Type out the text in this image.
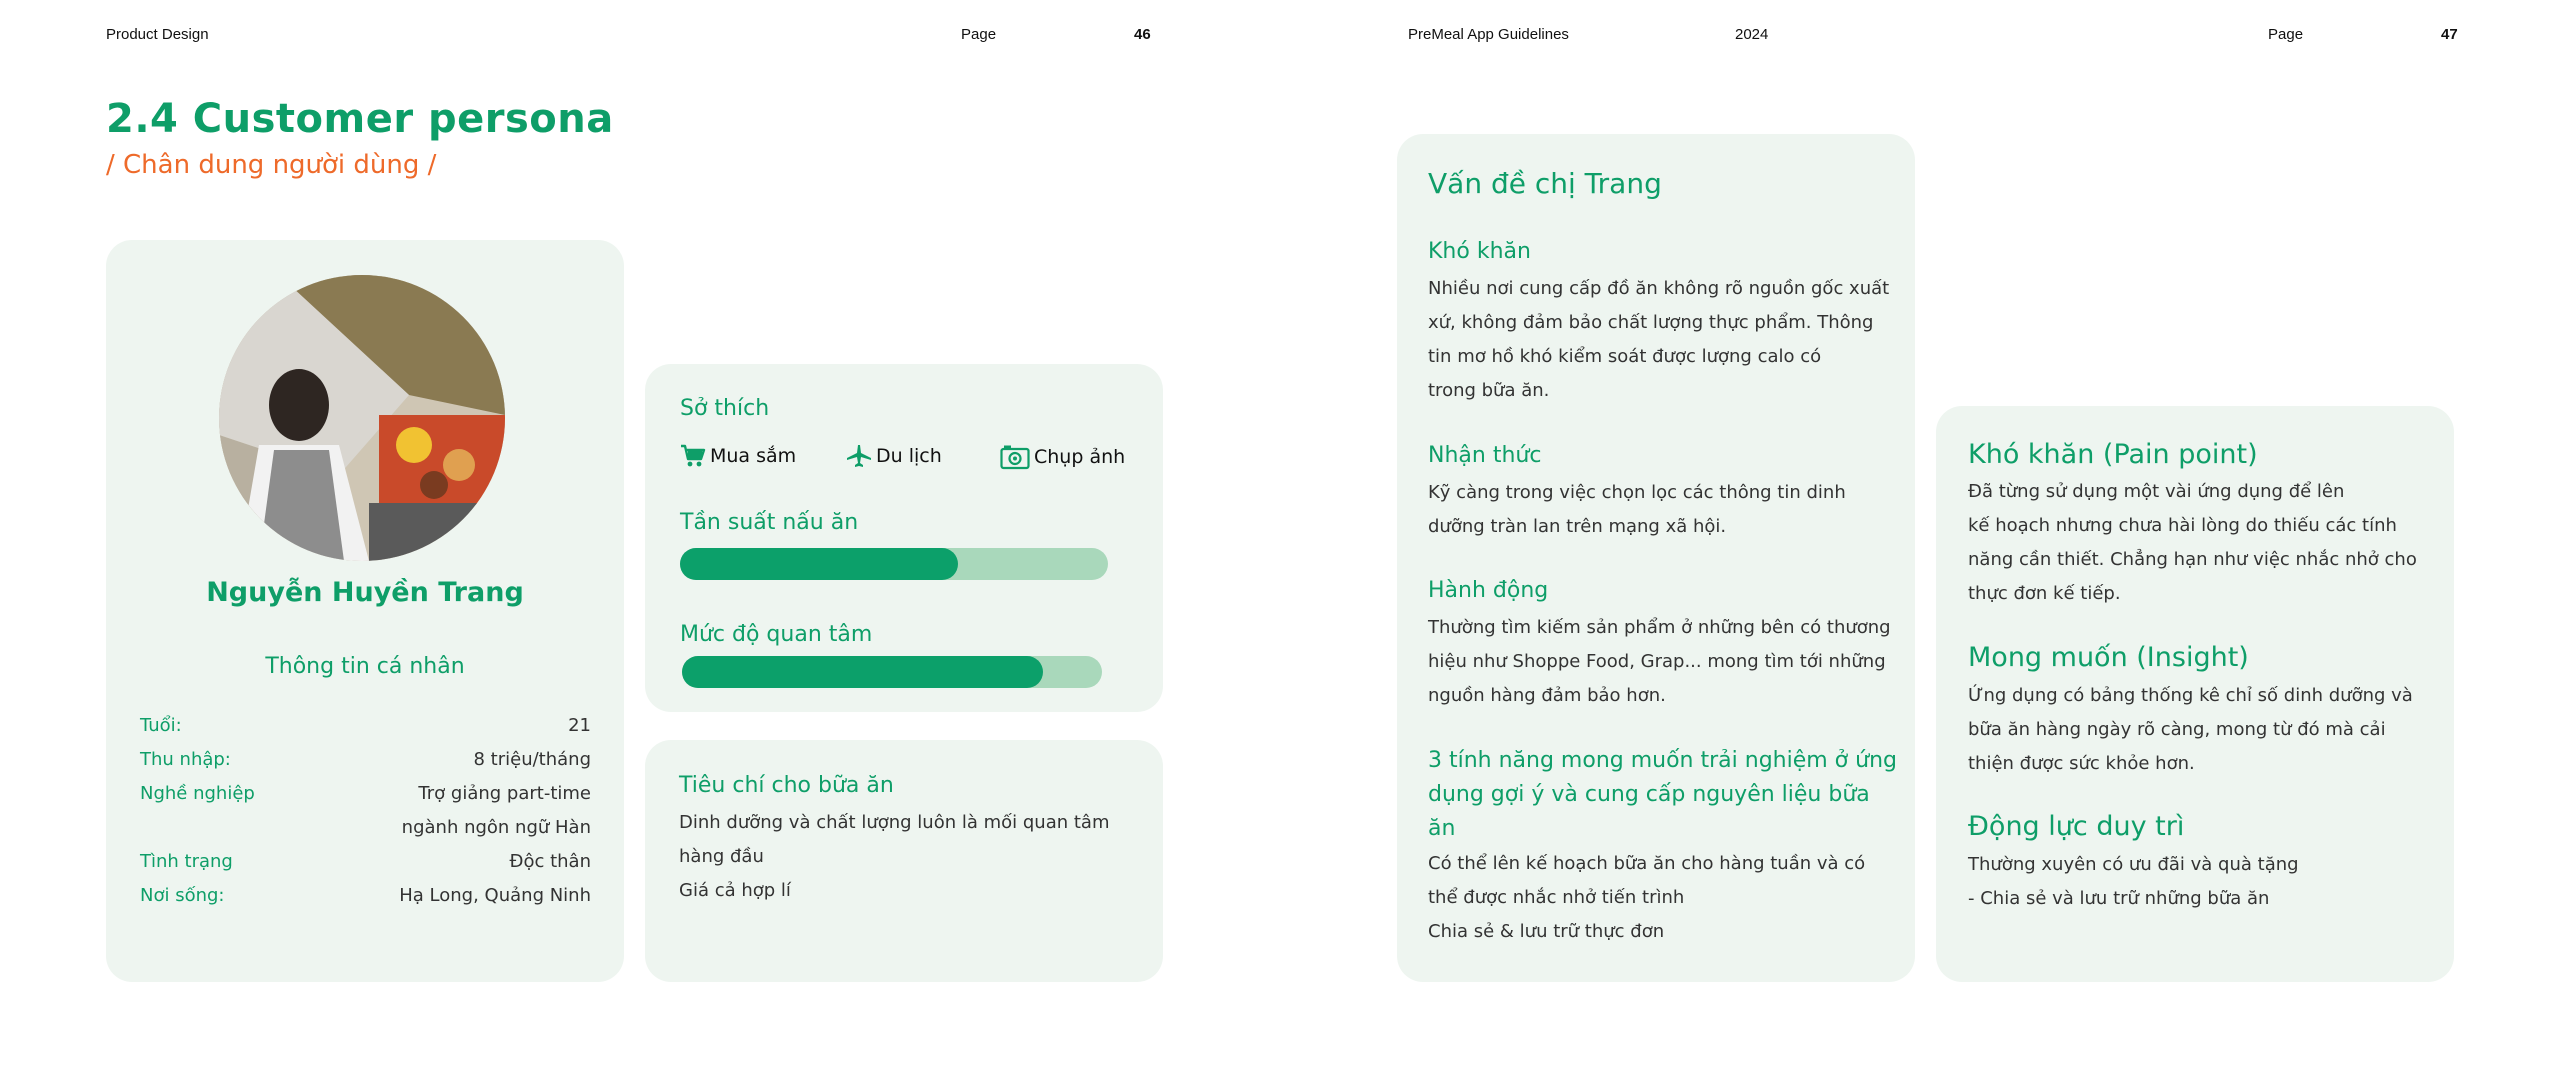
Product Design	Page	46	PreMeal App Guidelines	2024	Page	47
2.4 Customer persona
/ Chân dung người dùng /
Nguyễn Huyền Trang
Thông tin cá nhân
Tuổi:	21
Thu nhập:	8 triệu/tháng
Nghề nghiệp	Trợ giảng part-time
ngành ngôn ngữ Hàn
Tình trạng	Độc thân
Nơi sống:	Hạ Long, Quảng Ninh
Sở thích
Mua sắm	Du lịch	Chụp ảnh
Tần suất nấu ăn
Mức độ quan tâm
Tiêu chí cho bữa ăn
Dinh dưỡng và chất lượng luôn là mối quan tâm
hàng đầu
Giá cả hợp lí
Vấn đề chị Trang
Khó khăn
Nhiều nơi cung cấp đồ ăn không rõ nguồn gốc xuất
xứ, không đảm bảo chất lượng thực phẩm. Thông
tin mơ hồ khó kiểm soát được lượng calo có
trong bữa ăn.
Nhận thức
Kỹ càng trong việc chọn lọc các thông tin dinh
dưỡng tràn lan trên mạng xã hội.
Hành động
Thường tìm kiếm sản phẩm ở những bên có thương
hiệu như Shoppe Food, Grap... mong tìm tới những
nguồn hàng đảm bảo hơn.
3 tính năng mong muốn trải nghiệm ở ứng
dụng gợi ý và cung cấp nguyên liệu bữa
ăn
Có thể lên kế hoạch bữa ăn cho hàng tuần và có
thể được nhắc nhở tiến trình
Chia sẻ & lưu trữ thực đơn
Khó khăn (Pain point)
Đã từng sử dụng một vài ứng dụng để lên
kế hoạch nhưng chưa hài lòng do thiếu các tính
năng cần thiết. Chẳng hạn như việc nhắc nhở cho
thực đơn kế tiếp.
Mong muốn (Insight)
Ứng dụng có bảng thống kê chỉ số dinh dưỡng và
bữa ăn hàng ngày rõ càng, mong từ đó mà cải
thiện được sức khỏe hơn.
Động lực duy trì
Thường xuyên có ưu đãi và quà tặng
- Chia sẻ và lưu trữ những bữa ăn
